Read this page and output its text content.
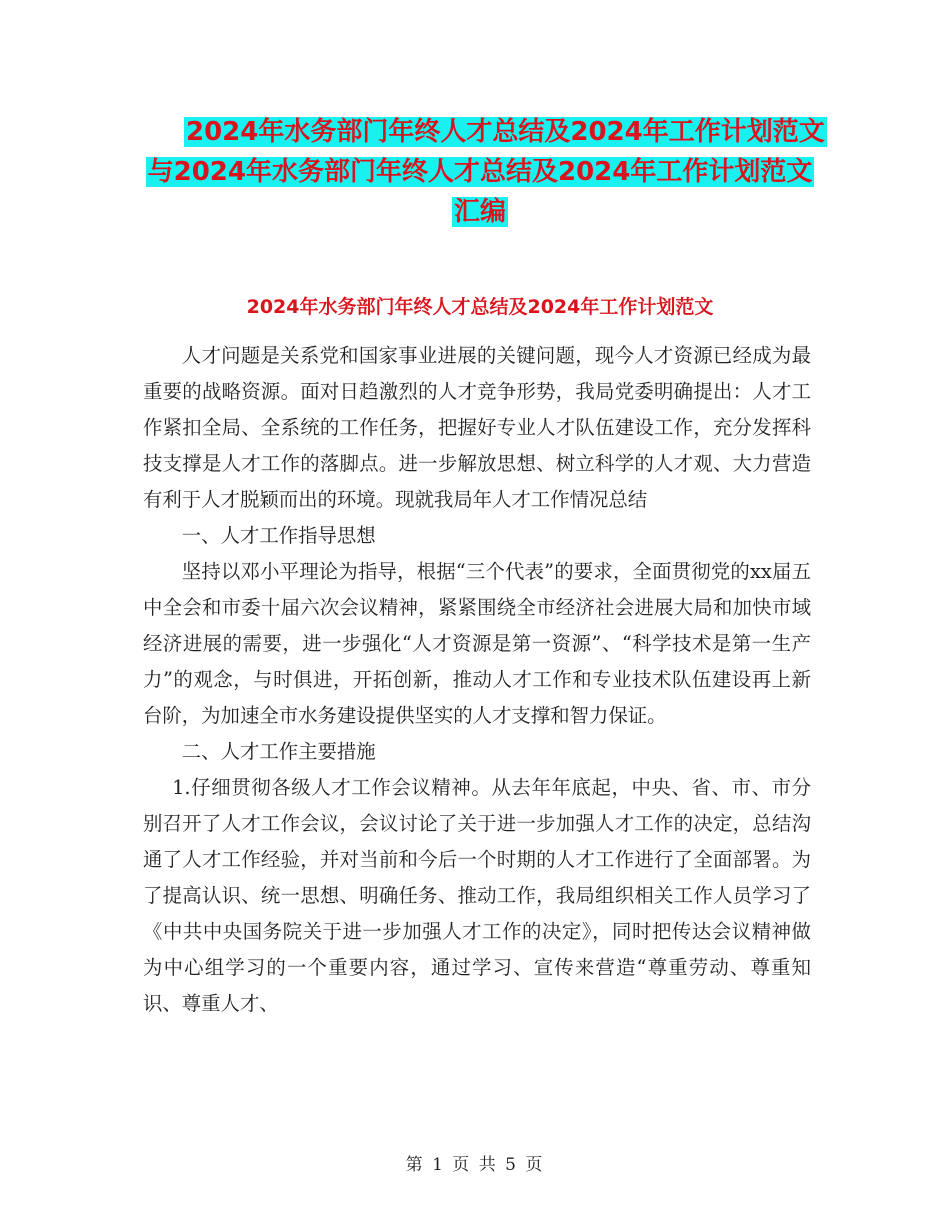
2024年水务部门年终人才总结及2024年工作计划范文
与2024年水务部门年终人才总结及2024年工作计划范文
汇编
2024年水务部门年终人才总结及2024年工作计划范文

人才问题是关系党和国家事业进展的关键问题，现今人才资源已经成为最重要的战略资源。面对日趋激烈的人才竞争形势，我局党委明确提出：人才工作紧扣全局、全系统的工作任务，把握好专业人才队伍建设工作，充分发挥科技支撑是人才工作的落脚点。进一步解放思想、树立科学的人才观、大力营造有利于人才脱颖而出的环境。现就我局年人才工作情况总结

一、人才工作指导思想

坚持以邓小平理论为指导，根据“三个代表”的要求，全面贯彻党的xx届五中全会和市委十届六次会议精神，紧紧围绕全市经济社会进展大局和加快市域经济进展的需要，进一步强化“人才资源是第一资源”、“科学技术是第一生产力”的观念，与时俱进，开拓创新，推动人才工作和专业技术队伍建设再上新台阶，为加速全市水务建设提供坚实的人才支撑和智力保证。

二、人才工作主要措施

1.仔细贯彻各级人才工作会议精神。从去年年底起，中央、省、市、市分别召开了人才工作会议，会议讨论了关于进一步加强人才工作的决定，总结沟通了人才工作经验，并对当前和今后一个时期的人才工作进行了全面部署。为了提高认识、统一思想、明确任务、推动工作，我局组织相关工作人员学习了《中共中央国务院关于进一步加强人才工作的决定》，同时把传达会议精神做为中心组学习的一个重要内容，通过学习、宣传来营造“尊重劳动、尊重知识、尊重人才、

第 1 页 共 5 页
